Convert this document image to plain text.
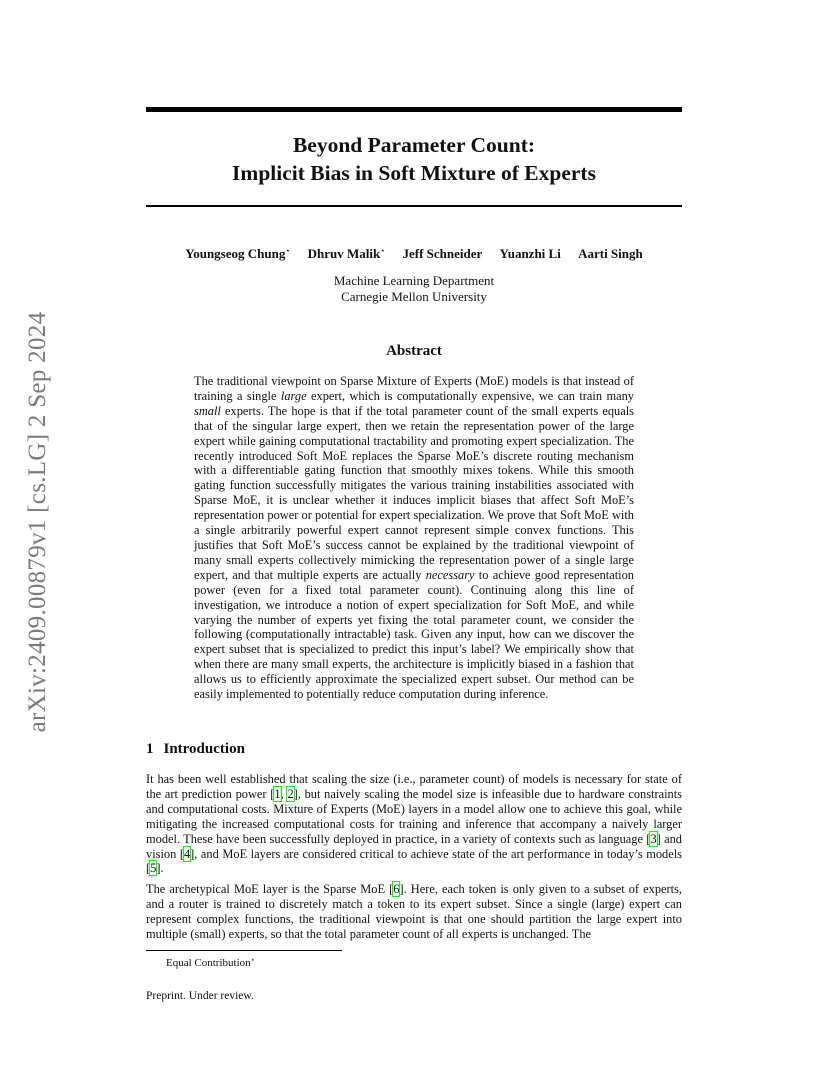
arXiv:2409.00879v1 [cs.LG] 2 Sep 2024
Beyond Parameter Count:
Implicit Bias in Soft Mixture of Experts
Youngseog Chung⋆ Dhruv Malik⋆ Jeff Schneider Yuanzhi Li Aarti Singh
Machine Learning Department
Carnegie Mellon University
Abstract
The traditional viewpoint on Sparse Mixture of Experts (MoE) models is that instead of training a single large expert, which is computationally expensive, we can train many small experts. The hope is that if the total parameter count of the small experts equals that of the singular large expert, then we retain the representation power of the large expert while gaining computational tractability and promoting expert specialization. The recently introduced Soft MoE replaces the Sparse MoE’s discrete routing mechanism with a differentiable gating function that smoothly mixes tokens. While this smooth gating function successfully mitigates the various training instabilities associated with Sparse MoE, it is unclear whether it induces implicit biases that affect Soft MoE’s representation power or potential for expert specialization. We prove that Soft MoE with a single arbitrarily powerful expert cannot represent simple convex functions. This justifies that Soft MoE’s success cannot be explained by the traditional viewpoint of many small experts collectively mimicking the representation power of a single large expert, and that multiple experts are actually necessary to achieve good representation power (even for a fixed total parameter count). Continuing along this line of investigation, we introduce a notion of expert specialization for Soft MoE, and while varying the number of experts yet fixing the total parameter count, we consider the following (computationally intractable) task. Given any input, how can we discover the expert subset that is specialized to predict this input’s label? We empirically show that when there are many small experts, the architecture is implicitly biased in a fashion that allows us to efficiently approximate the specialized expert subset. Our method can be easily implemented to potentially reduce computation during inference.
1 Introduction

It has been well established that scaling the size (i.e., parameter count) of models is necessary for state of the art prediction power [1, 2], but naively scaling the model size is infeasible due to hardware constraints and computational costs. Mixture of Experts (MoE) layers in a model allow one to achieve this goal, while mitigating the increased computational costs for training and inference that accompany a naively larger model. These have been successfully deployed in practice, in a variety of contexts such as language [3] and vision [4], and MoE layers are considered critical to achieve state of the art performance in today’s models [5].

The archetypical MoE layer is the Sparse MoE [6]. Here, each token is only given to a subset of experts, and a router is trained to discretely match a token to its expert subset. Since a single (large) expert can represent complex functions, the traditional viewpoint is that one should partition the large expert into multiple (small) experts, so that the total parameter count of all experts is unchanged. The

Equal Contribution⋆
Preprint. Under review.
